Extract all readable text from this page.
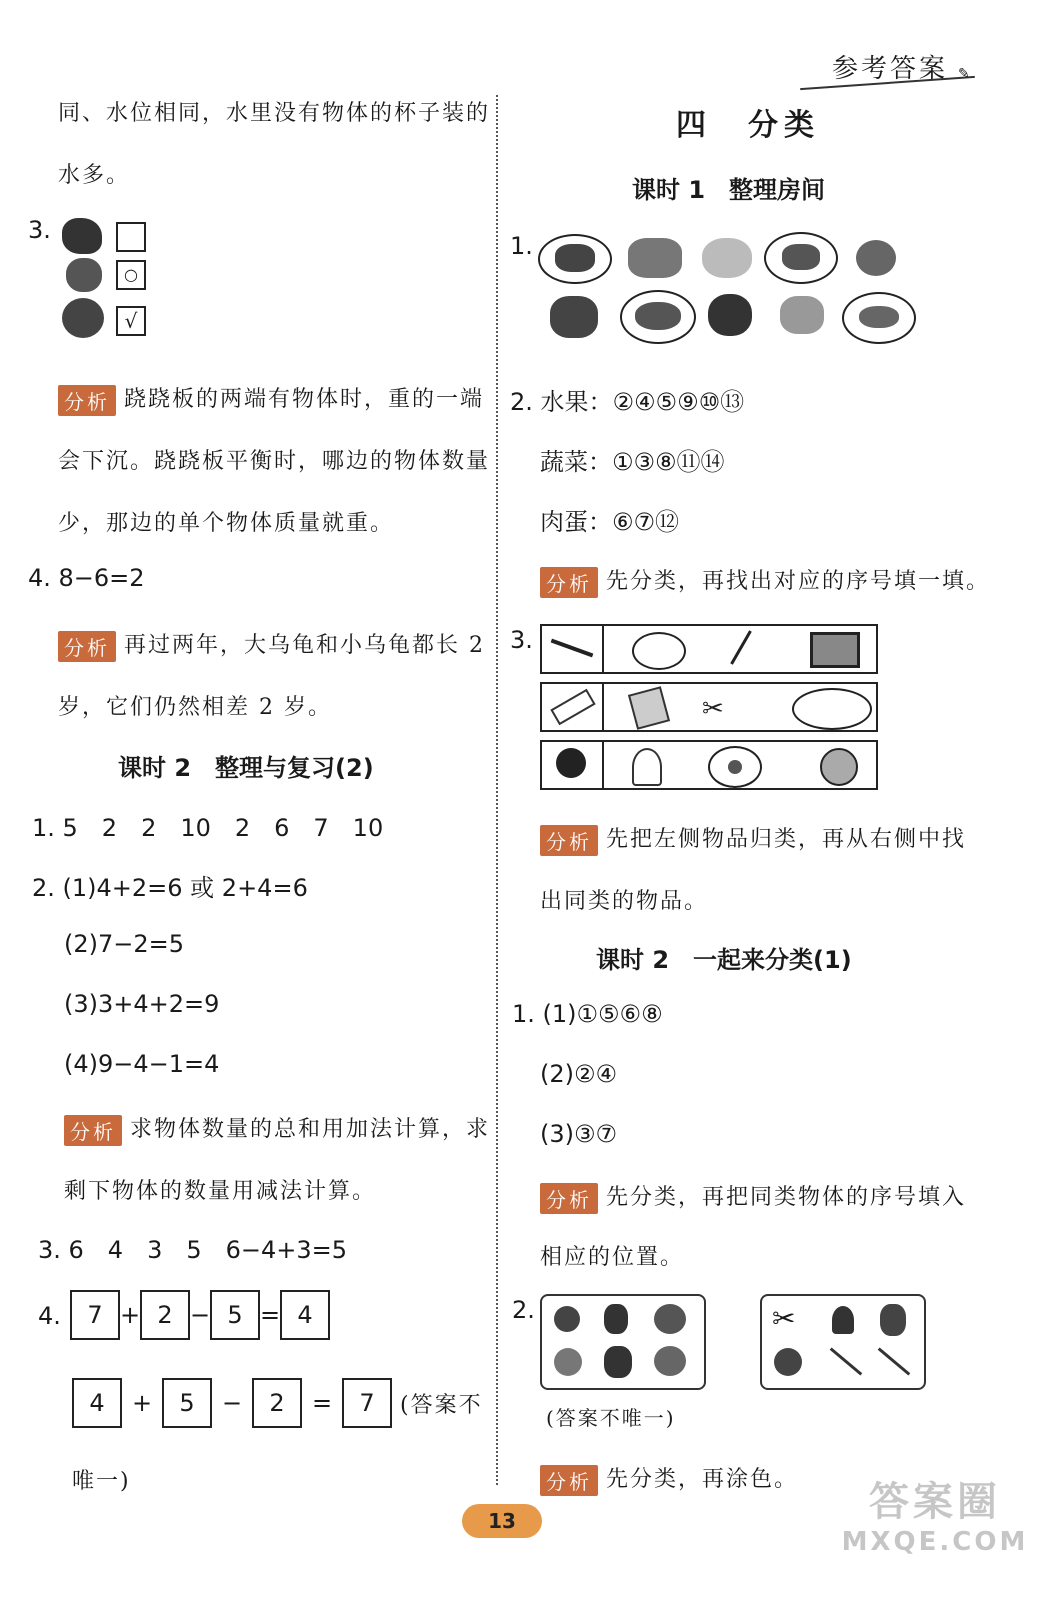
参考答案 ✎
同、水位相同，水里没有物体的杯子装的
水多。
3.
○
√
分析 跷跷板的两端有物体时，重的一端
会下沉。跷跷板平衡时，哪边的物体数量
少，那边的单个物体质量就重。
4. 8−6=2
分析 再过两年，大乌龟和小乌龟都长 2
岁，它们仍然相差 2 岁。
课时 2　整理与复习(2)
1. 5　2　2　10　2　6　7　10
2. (1)4+2=6 或 2+4=6
(2)7−2=5
(3)3+4+2=9
(4)9−4−1=4
分析 求物体数量的总和用加法计算，求
剩下物体的数量用减法计算。
3. 6　4　3　5　6−4+3=5
4.	7 + 2 − 5 = 4
4 + 5 − 2 = 7 (答案不
唯一)
四　分类
课时 1　整理房间
1.
2. 水果：②④⑤⑨⑩⑬
蔬菜：①③⑧⑪⑭
肉蛋：⑥⑦⑫
分析 先分类，再找出对应的序号填一填。
3.
✂
分析 先把左侧物品归类，再从右侧中找
出同类的物品。
课时 2　一起来分类(1)
1. (1)①⑤⑥⑧
(2)②④
(3)③⑦
分析 先分类，再把同类物体的序号填入
相应的位置。
2.	✂
(答案不唯一)
分析 先分类，再涂色。
13	答案圈
MXQE.COM
